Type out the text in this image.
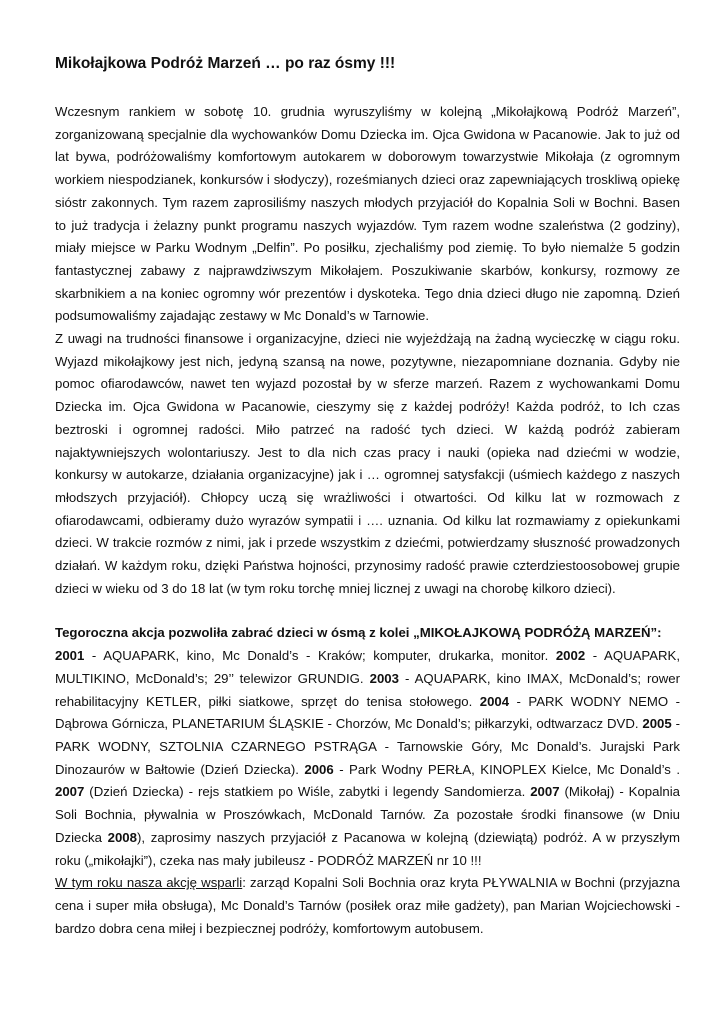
Mikołajkowa Podróż Marzeń … po raz ósmy !!!

Wczesnym rankiem w sobotę 10. grudnia wyruszyliśmy w kolejną „Mikołajkową Podróż Marzeń”, zorganizowaną specjalnie dla wychowanków Domu Dziecka im. Ojca Gwidona w Pacanowie. Jak to już od lat bywa, podróżowaliśmy komfortowym autokarem w doborowym towarzystwie Mikołaja (z ogromnym workiem niespodzianek, konkursów i słodyczy), roześmianych dzieci oraz zapewniających troskliwą opiekę sióstr zakonnych. Tym razem zaprosiliśmy naszych młodych przyjaciół do Kopalnia Soli w Bochni. Basen to już tradycja i żelazny punkt programu naszych wyjazdów. Tym razem wodne szaleństwa (2 godziny), miały miejsce w Parku Wodnym „Delfin”. Po posiłku, zjechaliśmy pod ziemię. To było niemalże 5 godzin fantastycznej zabawy z najprawdziwszym Mikołajem. Poszukiwanie skarbów, konkursy, rozmowy ze skarbnikiem a na koniec ogromny wór prezentów i dyskoteka. Tego dnia dzieci długo nie zapomną. Dzień podsumowaliśmy zajadając zestawy w Mc Donald’s w Tarnowie.

Z uwagi na trudności finansowe i organizacyjne, dzieci nie wyjeżdżają na żadną wycieczkę w ciągu roku. Wyjazd mikołajkowy jest nich, jedyną szansą na nowe, pozytywne, niezapomniane doznania. Gdyby nie pomoc ofiarodawców, nawet ten wyjazd pozostał by w sferze marzeń. Razem z wychowankami Domu Dziecka im. Ojca Gwidona w Pacanowie, cieszymy się z każdej podróży! Każda podróż, to Ich czas beztroski i ogromnej radości. Miło patrzeć na radość tych dzieci. W każdą podróż zabieram najaktywniejszych wolontariuszy. Jest to dla nich czas pracy i nauki (opieka nad dziećmi w wodzie, konkursy w autokarze, działania organizacyjne) jak i … ogromnej satysfakcji (uśmiech każdego z naszych młodszych przyjaciół). Chłopcy uczą się wrażliwości i otwartości. Od kilku lat w rozmowach z ofiarodawcami, odbieramy dużo wyrazów sympatii i …. uznania. Od kilku lat rozmawiamy z opiekunkami dzieci. W trakcie rozmów z nimi, jak i przede wszystkim z dziećmi, potwierdzamy słuszność prowadzonych działań. W każdym roku, dzięki Państwa hojności, przynosimy radość prawie czterdziestoosobowej grupie dzieci w wieku od 3 do 18 lat (w tym roku torchę mniej licznej z uwagi na chorobę kilkoro dzieci).

Tegoroczna akcja pozwoliła zabrać dzieci w ósmą z kolei „MIKOŁAJKOWĄ PODRÓŻĄ MARZEŃ”:
2001 - AQUAPARK, kino, Mc Donald’s - Kraków; komputer, drukarka, monitor. 2002 - AQUAPARK, MULTIKINO, McDonald’s; 29’’ telewizor GRUNDIG. 2003 - AQUAPARK, kino IMAX, McDonald’s; rower rehabilitacyjny KETLER, piłki siatkowe, sprzęt do tenisa stołowego. 2004 - PARK WODNY NEMO - Dąbrowa Górnicza, PLANETARIUM ŚLĄSKIE - Chorzów, Mc Donald’s; piłkarzyki, odtwarzacz DVD. 2005 - PARK WODNY, SZTOLNIA CZARNEGO PSTRĄGA - Tarnowskie Góry, Mc Donald’s. Jurajski Park Dinozaurów w Bałtowie (Dzień Dziecka). 2006 - Park Wodny PERŁA, KINOPLEX Kielce, Mc Donald’s . 2007 (Dzień Dziecka) - rejs statkiem po Wiśle, zabytki i legendy Sandomierza. 2007 (Mikołaj) - Kopalnia Soli Bochnia, pływalnia w Proszówkach, McDonald Tarnów. Za pozostałe środki finansowe (w Dniu Dziecka 2008), zaprosimy naszych przyjaciół z Pacanowa w kolejną (dziewiątą) podróż. A w przyszłym roku („mikołajki”), czeka nas mały jubileusz - PODRÓŻ MARZEŃ nr 10 !!!

W tym roku nasza akcję wsparli: zarząd Kopalni Soli Bochnia oraz kryta PŁYWALNIA w Bochni (przyjazna cena i super miła obsługa), Mc Donald’s Tarnów (posiłek oraz miłe gadżety), pan Marian Wojciechowski - bardzo dobra cena miłej i bezpiecznej podróży, komfortowym autobusem.
